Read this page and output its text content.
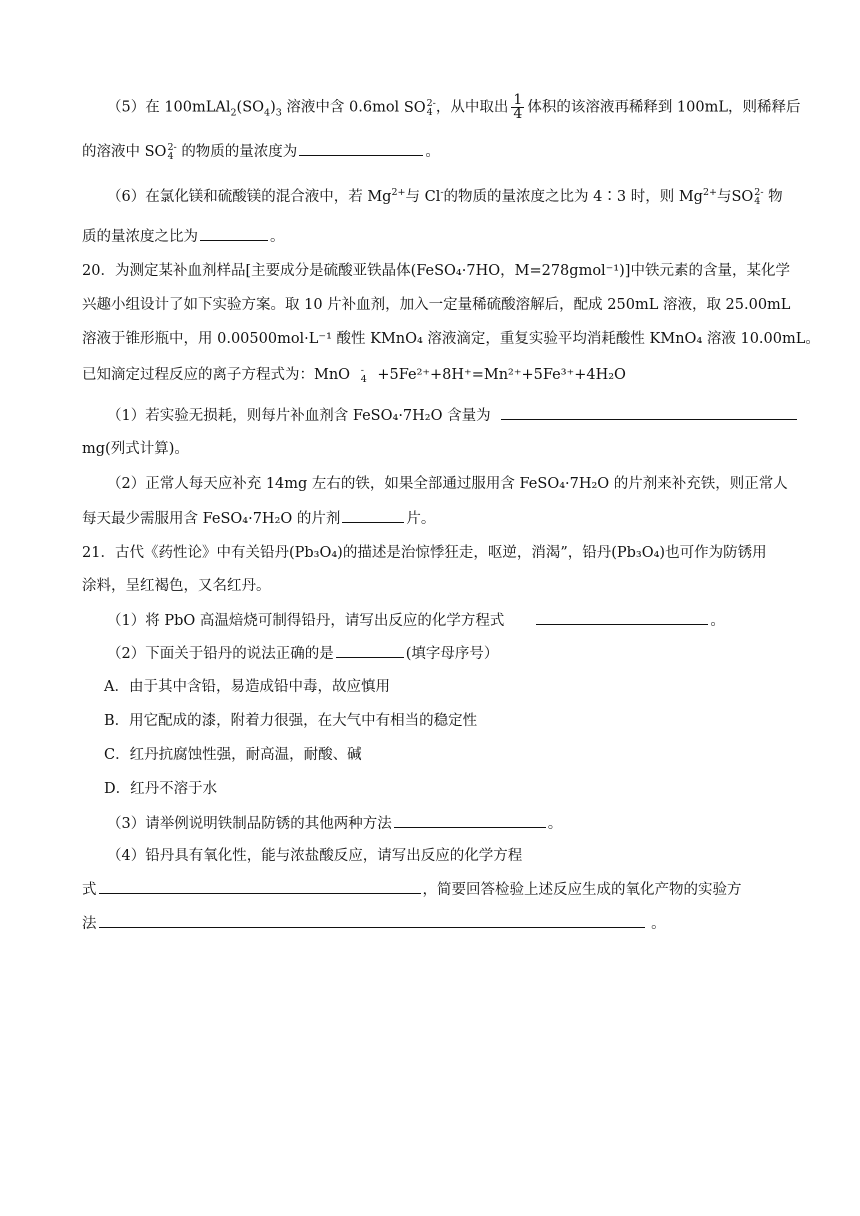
（5）在 $100mLAl_2(SO_4)_3$ 溶液中含 0.6mol SO 2-
4 ，从中取出 $\frac{1}{4}$ 体积的该溶液再稀释到 100mL，则稀释后
的溶液中 SO 2-
4 的物质的量浓度为	。
（6）在氯化镁和硫酸镁的混合液中，若 $Mg^{2+}$与 Cl-的物质的量浓度之比为 4∶3 时，则 $Mg^{2+}$与SO 2-
4 物
质的量浓度之比为	。
20．为测定某补血剂样品[主要成分是硫酸亚铁晶体(FeSO₄·7HO，M=278gmol⁻¹)]中铁元素的含量，某化学
兴趣小组设计了如下实验方案。取 10 片补血剂，加入一定量稀硫酸溶解后，配成 250mL 溶液，取 25.00mL
溶液于锥形瓶中，用 0.00500mol·L⁻¹ 酸性 KMnO₄ 溶液滴定，重复实验平均消耗酸性 KMnO₄ 溶液 10.00mL。
已知滴定过程反应的离子方程式为：MnO -
4 +5Fe²⁺+8H⁺=Mn²⁺+5Fe³⁺+4H₂O
（1）若实验无损耗，则每片补血剂含 FeSO₄·7H₂O 含量为
mg(列式计算)。
（2）正常人每天应补充 14mg 左右的铁，如果全部通过服用含 FeSO₄·7H₂O 的片剂来补充铁，则正常人
每天最少需服用含 FeSO₄·7H₂O 的片剂	片。
21．古代《药性论》中有关铅丹(Pb₃O₄)的描述是治惊悸狂走，呕逆，消渴”，铅丹(Pb₃O₄)也可作为防锈用
涂料，呈红褐色，又名红丹。
（1）将 PbO 高温焙烧可制得铅丹，请写出反应的化学方程式	。
（2）下面关于铅丹的说法正确的是	(填字母序号）
A．由于其中含铅，易造成铅中毒，故应慎用
B．用它配成的漆，附着力很强，在大气中有相当的稳定性
C．红丹抗腐蚀性强，耐高温，耐酸、碱
D．红丹不溶于水
（3）请举例说明铁制品防锈的其他两种方法	。
（4）铅丹具有氧化性，能与浓盐酸反应，请写出反应的化学方程
式	，简要回答检验上述反应生成的氧化产物的实验方
法	。
